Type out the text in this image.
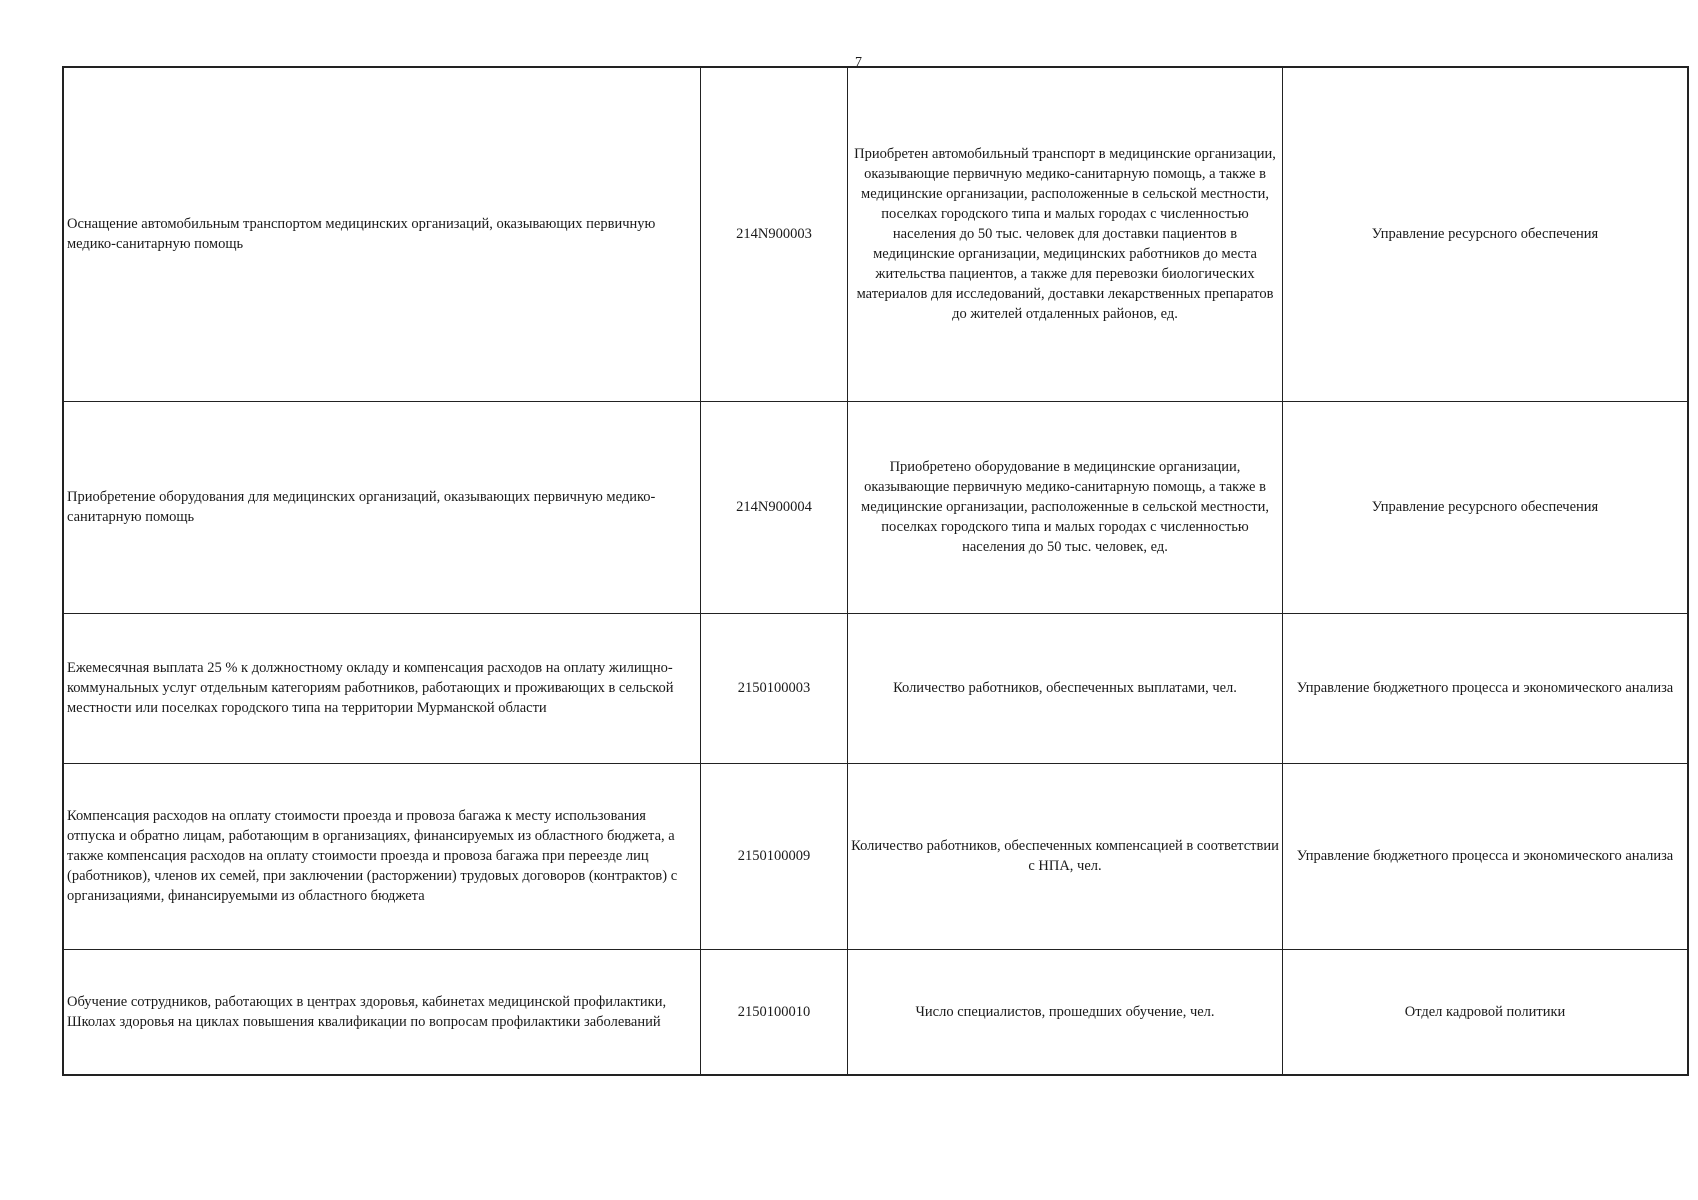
7
Оснащение автомобильным транспортом медицинских организаций, оказывающих первичную медико-санитарную помощь	214N900003	Приобретен автомобильный транспорт в медицинские организации, оказывающие первичную медико-санитарную помощь, а также в медицинские организации, расположенные в сельской местности, поселках городского типа и малых городах с численностью населения до 50 тыс. человек для доставки пациентов в медицинские организации, медицинских работников до места жительства пациентов, а также для перевозки биологических материалов для исследований, доставки лекарственных препаратов до жителей отдаленных районов, ед.	Управление ресурсного обеспечения

Приобретение оборудования для медицинских организаций, оказывающих первичную медико-санитарную помощь	214N900004	Приобретено оборудование в медицинские организации, оказывающие первичную медико-санитарную помощь, а также в медицинские организации, расположенные в сельской местности, поселках городского типа и малых городах с численностью населения до 50 тыс. человек, ед.	Управление ресурсного обеспечения

Ежемесячная выплата 25 % к должностному окладу и компенсация расходов на оплату жилищно-коммунальных услуг отдельным категориям работников, работающих и проживающих в сельской местности или поселках городского типа на территории Мурманской области	2150100003	Количество работников, обеспеченных выплатами, чел.	Управление бюджетного процесса и экономического анализа

Компенсация расходов на оплату стоимости проезда и провоза багажа к месту использования отпуска и обратно лицам, работающим в организациях, финансируемых из областного бюджета, а также компенсация расходов на оплату стоимости проезда и провоза багажа при переезде лиц (работников), членов их семей, при заключении (расторжении) трудовых договоров (контрактов) с организациями, финансируемыми из областного бюджета	2150100009	Количество работников, обеспеченных компенсацией в соответствии с НПА, чел.	Управление бюджетного процесса и экономического анализа

Обучение сотрудников, работающих в центрах здоровья, кабинетах медицинской профилактики, Школах здоровья на циклах повышения квалификации по вопросам профилактики заболеваний	2150100010	Число специалистов, прошедших обучение, чел.	Отдел кадровой политики
